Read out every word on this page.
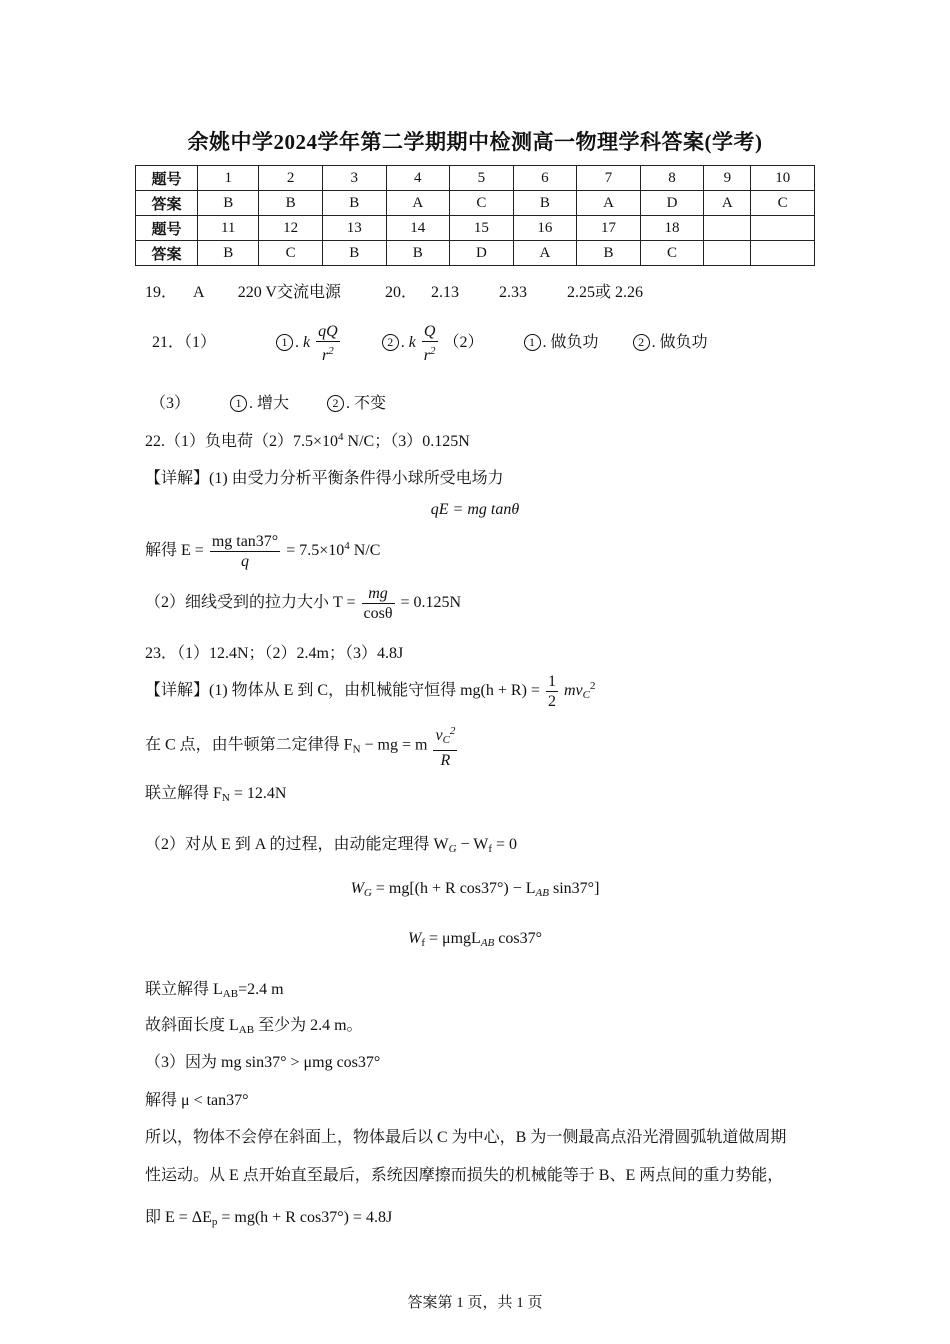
余姚中学2024学年第二学期期中检测高一物理学科答案(学考)
题号	1	2	3	4	5	6	7	8	9	10
答案	B	B	B	A	C	B	A	D	A	C
题号	11	12	13	14	15	16	17	18		
答案	B	C	B	B	D	A	B	C		
19． A 220 V交流电源	20． 2.13	2.33	2.25或 2.26
21．（1）	1 . k $\frac{qQ}{r^2}$	2 . k $\frac{Q}{r^2} (2)$	1 . 做负功	2 . 做负功
（3）	1 . 增大	2 . 不变
22.（1）负电荷$(2)7.5\times 10^4$ N/C；（3）0.125N
【详解】(1) 由受力分析平衡条件得小球所受电场力
qE = mg tanθ
解得 $E = \frac{\text{mg tan37°}}{q} = 7.5\times 10^4$ N/C
（2）细线受到的拉力大小 $T = \frac{mg}{\cos\theta} = 0.125N$
23．（1）12.4N；（2）2.4m；（3）4.8J
【详解】(1) 物体从 E 到 C，由机械能守恒得 $mg(h + R) = \frac{1}{2} mv_C^2$
在 C 点，由牛顿第二定律得 $F_N$ − mg = m $\frac{v_C^2}{R}$
联立解得 $F_N = 12.4N$
（2）对从 E 到 A 的过程，由动能定理得 $W_G - W_f = 0$
$W_G = mg[(h + R$ $\cos 37^\circ) - L_{AB}$ sin37°]
$W_f = \mu mgL_{AB}$ cos37°
联立解得 $L_{AB}=2.4$ m
故斜面长度 $L_{AB}$ 至少为 2.4 m。
（3）因为 mg sin37° > μmg cos37°
解得 μ < tan37°
所以，物体不会停在斜面上，物体最后以 C 为中心，B 为一侧最高点沿光滑圆弧轨道做周期
性运动。从 E 点开始直至最后，系统因摩擦而损失的机械能等于 B、E 两点间的重力势能，
即 $E = \Delta E_p = mg(h + R$ cos37°) = 4.8J
答案第 1 页，共 1 页
